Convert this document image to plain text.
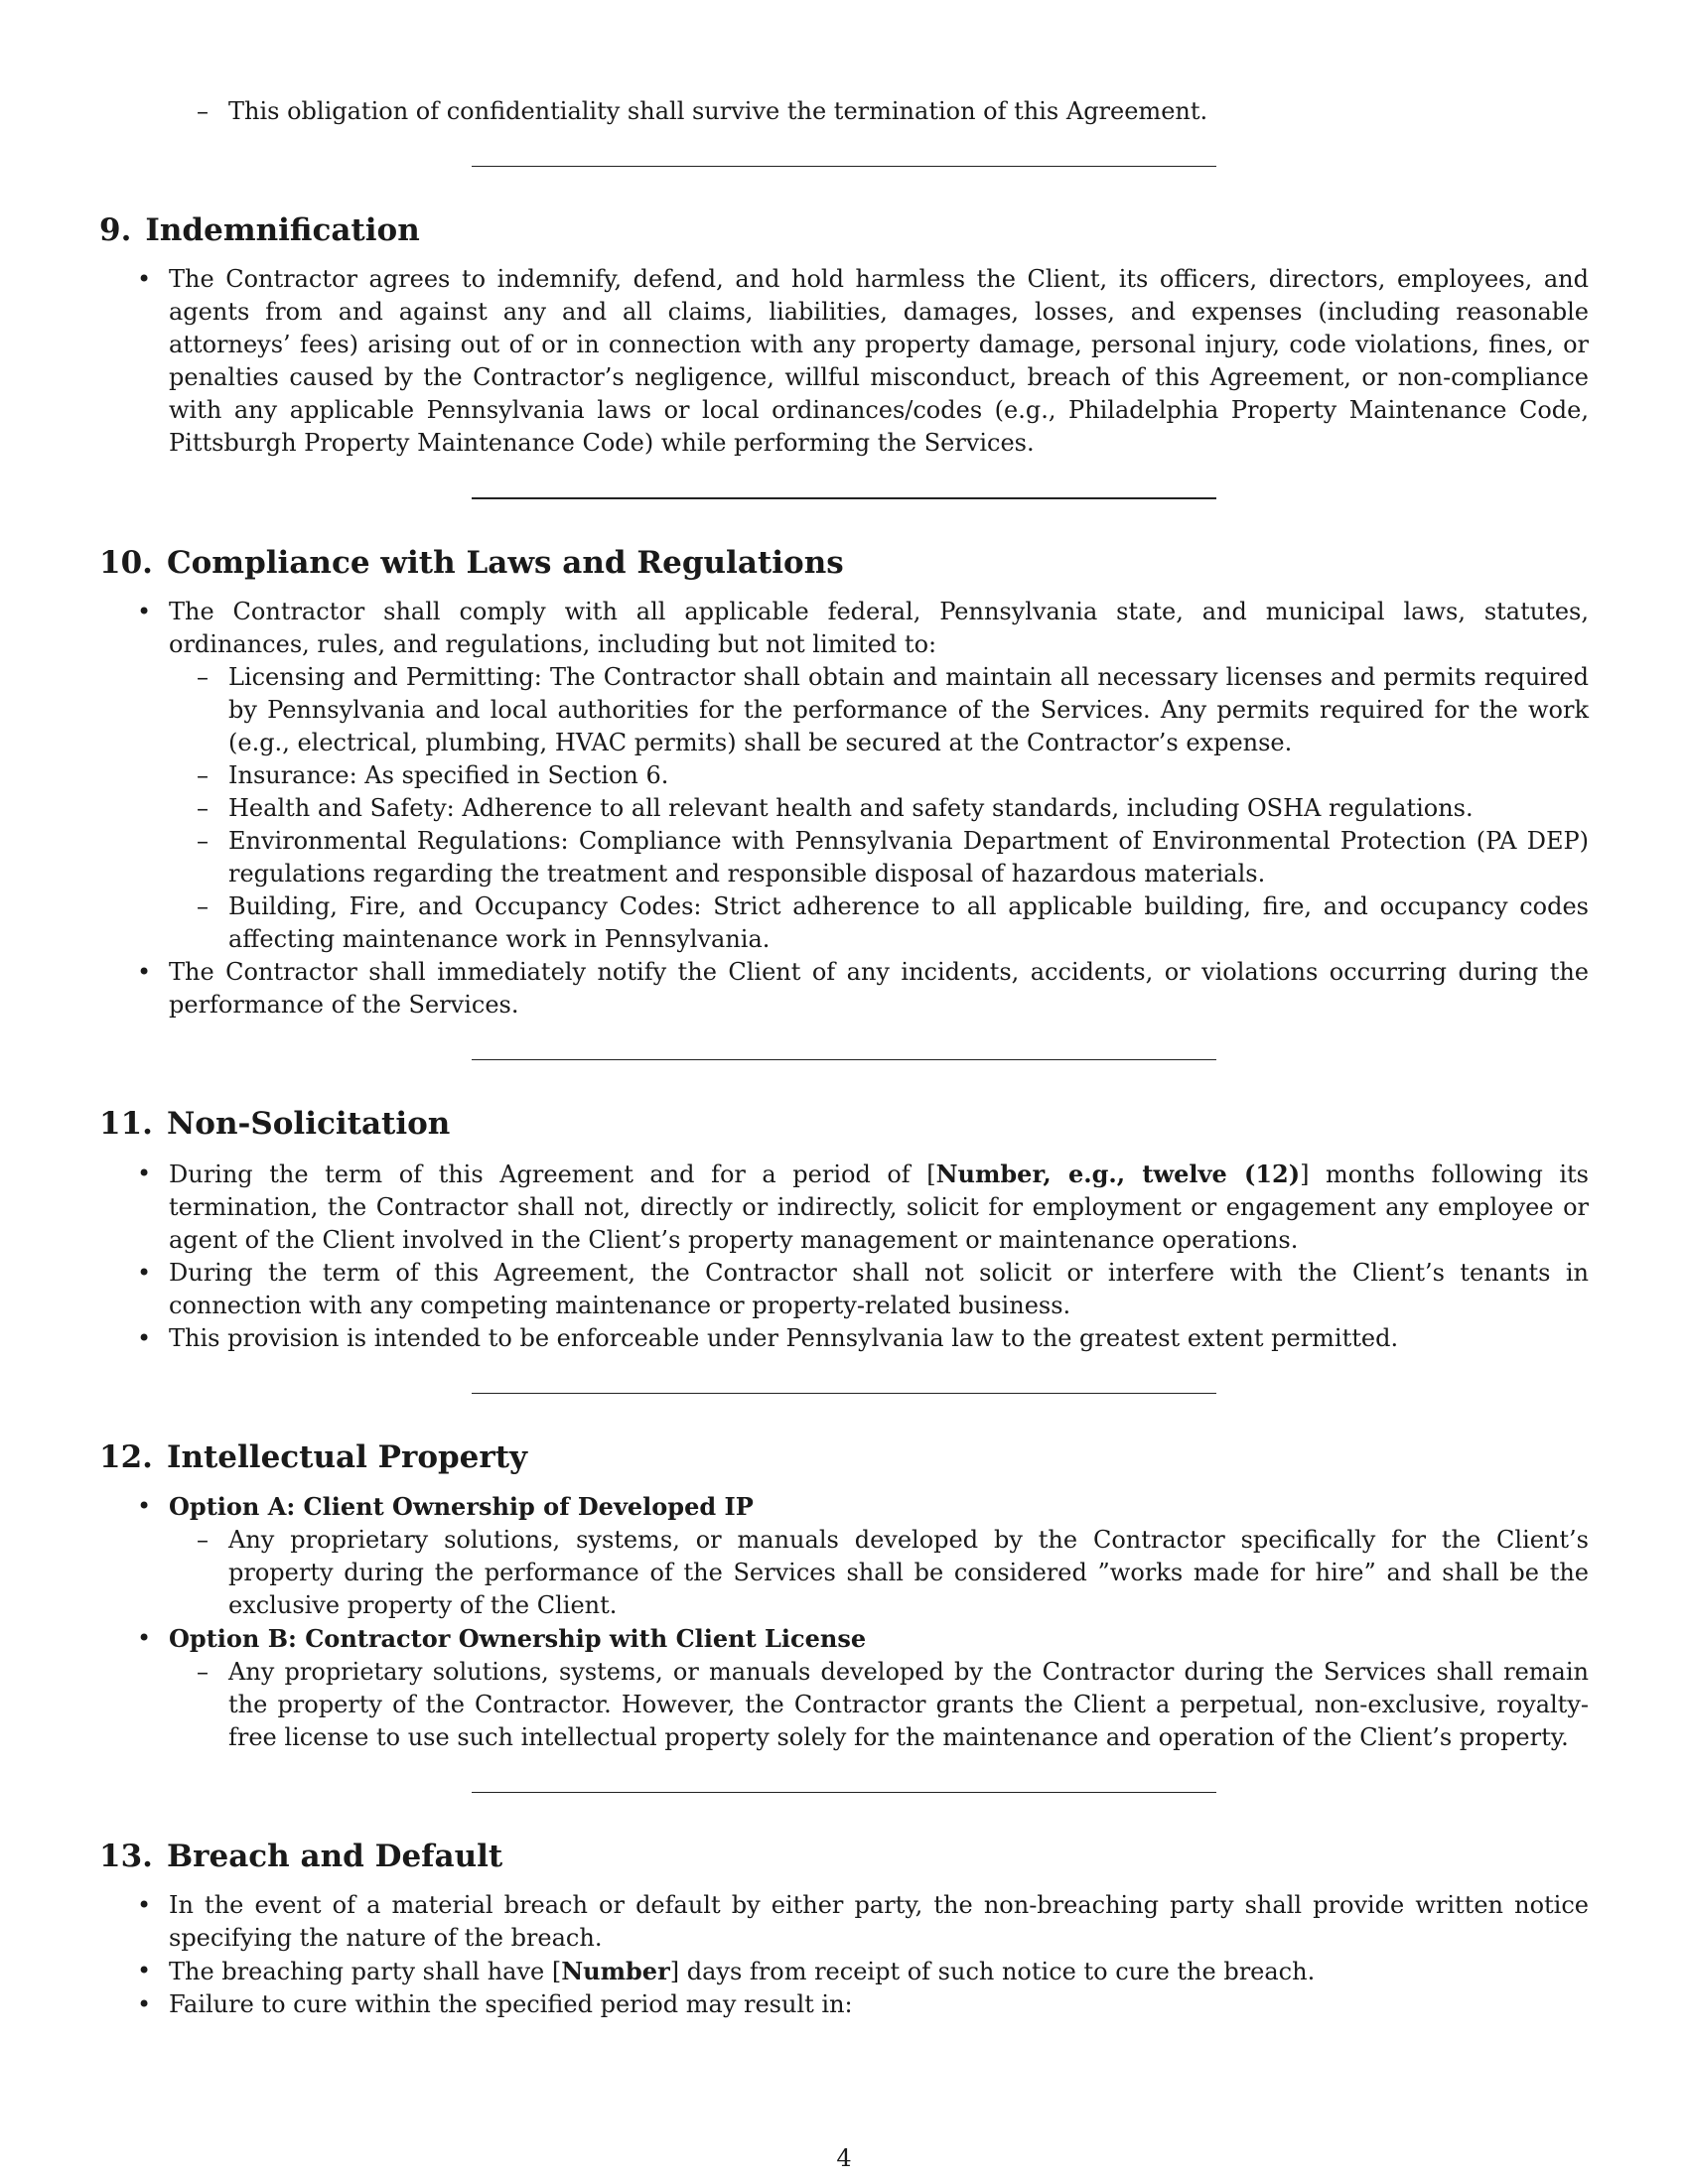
– This obligation of confidentiality shall survive the termination of this Agreement.
9. Indemnification
• The Contractor agrees to indemnify, defend, and hold harmless the Client, its officers, directors, employees, and agents from and against any and all claims, liabilities, damages, losses, and expenses (including reasonable attorneys’ fees) arising out of or in connection with any property damage, personal injury, code violations, fines, or penalties caused by the Contractor’s negligence, willful misconduct, breach of this Agreement, or non-compliance with any applicable Pennsylvania laws or local ordinances/codes (e.g., Philadelphia Property Maintenance Code, Pittsburgh Property Maintenance Code) while performing the Services.
10. Compliance with Laws and Regulations
• The Contractor shall comply with all applicable federal, Pennsylvania state, and municipal laws, statutes, ordinances, rules, and regulations, including but not limited to:
– Licensing and Permitting: The Contractor shall obtain and maintain all necessary licenses and permits required by Pennsylvania and local authorities for the performance of the Services. Any permits required for the work (e.g., electrical, plumbing, HVAC permits) shall be secured at the Contractor’s expense.
– Insurance: As specified in Section 6.
– Health and Safety: Adherence to all relevant health and safety standards, including OSHA regulations.
– Environmental Regulations: Compliance with Pennsylvania Department of Environmental Protection (PA DEP) regulations regarding the treatment and responsible disposal of hazardous materials.
– Building, Fire, and Occupancy Codes: Strict adherence to all applicable building, fire, and occupancy codes affecting maintenance work in Pennsylvania.
• The Contractor shall immediately notify the Client of any incidents, accidents, or violations occurring during the performance of the Services.
11. Non-Solicitation
• During the term of this Agreement and for a period of [Number, e.g., twelve (12)] months following its termination, the Contractor shall not, directly or indirectly, solicit for employment or engagement any employee or agent of the Client involved in the Client’s property management or maintenance operations.
• During the term of this Agreement, the Contractor shall not solicit or interfere with the Client’s tenants in connection with any competing maintenance or property-related business.
• This provision is intended to be enforceable under Pennsylvania law to the greatest extent permitted.
12. Intellectual Property
• Option A: Client Ownership of Developed IP
– Any proprietary solutions, systems, or manuals developed by the Contractor specifically for the Client’s property during the performance of the Services shall be considered ”works made for hire” and shall be the exclusive property of the Client.
• Option B: Contractor Ownership with Client License
– Any proprietary solutions, systems, or manuals developed by the Contractor during the Services shall remain the property of the Contractor. However, the Contractor grants the Client a perpetual, non-exclusive, royalty-free license to use such intellectual property solely for the maintenance and operation of the Client’s property.
13. Breach and Default
• In the event of a material breach or default by either party, the non-breaching party shall provide written notice specifying the nature of the breach.
• The breaching party shall have [Number] days from receipt of such notice to cure the breach.
• Failure to cure within the specified period may result in:
4
